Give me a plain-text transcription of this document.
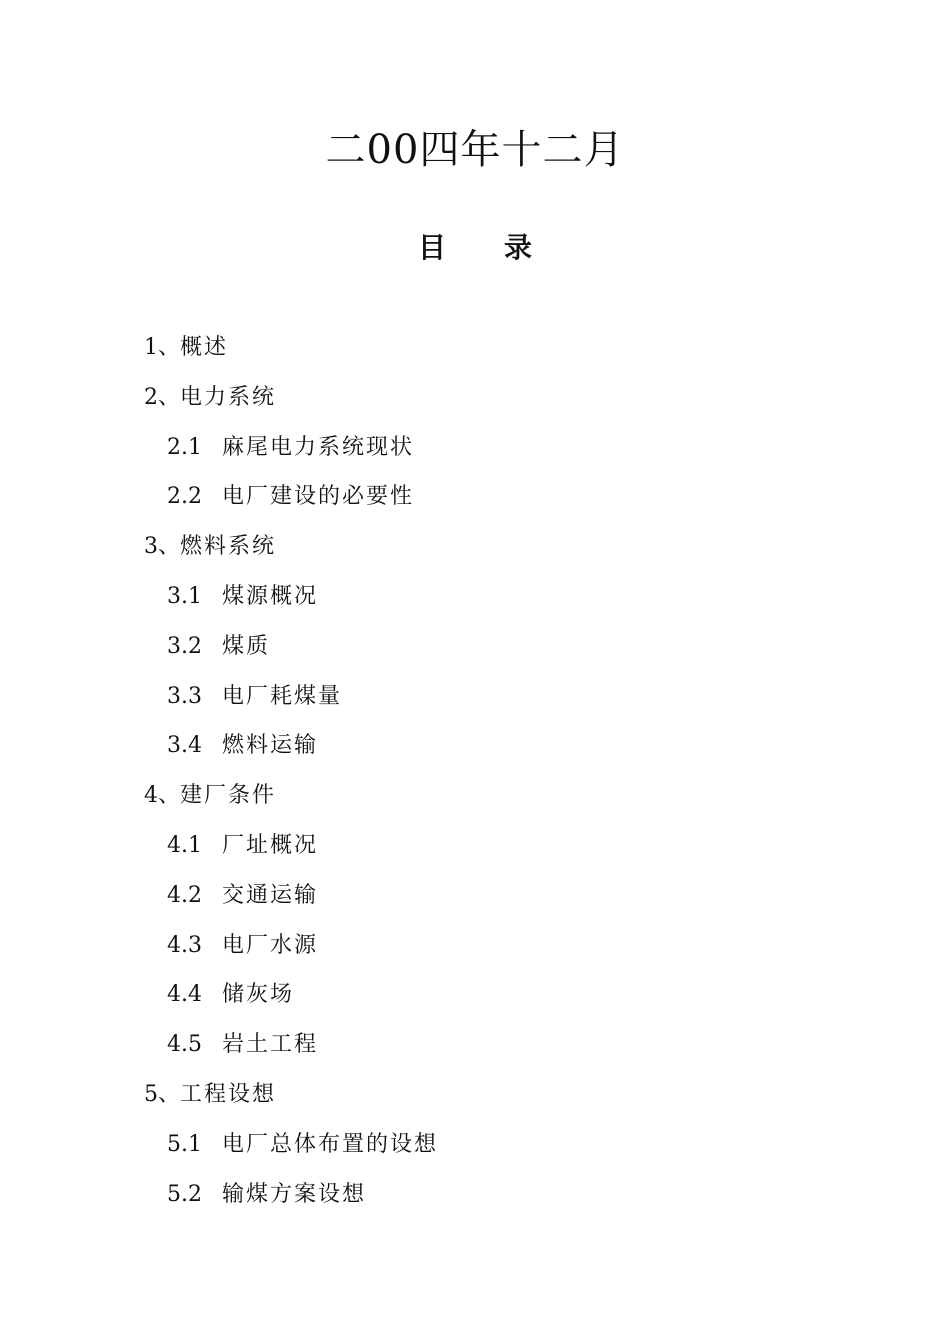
二00四年十二月
目 录
1、概述
2、电力系统
2.1 麻尾电力系统现状
2.2 电厂建设的必要性
3、燃料系统
3.1 煤源概况
3.2 煤质
3.3 电厂耗煤量
3.4 燃料运输
4、建厂条件
4.1 厂址概况
4.2 交通运输
4.3 电厂水源
4.4 储灰场
4.5 岩土工程
5、工程设想
5.1 电厂总体布置的设想
5.2 输煤方案设想
